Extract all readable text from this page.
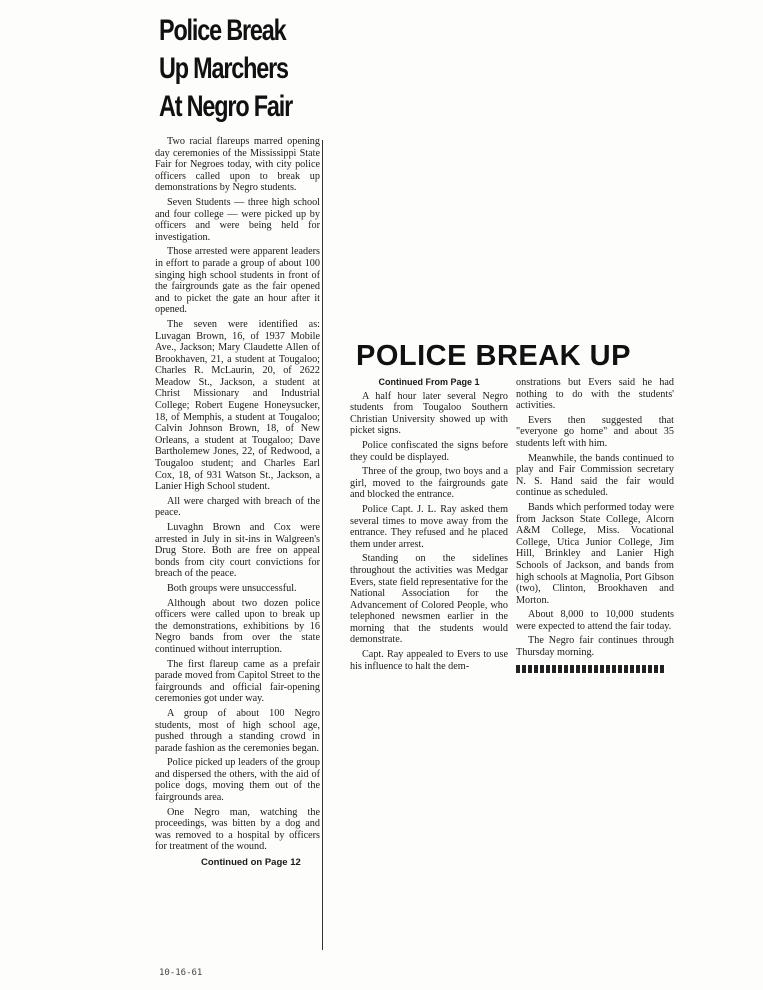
Police Break
Up Marchers
At Negro Fair

Two racial flareups marred opening day ceremonies of the Mississippi State Fair for Negroes today, with city police officers called upon to break up demonstrations by Negro students.

Seven Students — three high school and four college — were picked up by officers and were being held for investigation.

Those arrested were apparent leaders in effort to parade a group of about 100 singing high school students in front of the fairgrounds gate as the fair opened and to picket the gate an hour after it opened.

The seven were identified as: Luvagan Brown, 16, of 1937 Mobile Ave., Jackson; Mary Claudette Allen of Brookhaven, 21, a student at Tougaloo; Charles R. McLaurin, 20, of 2622 Meadow St., Jackson, a student at Christ Missionary and Industrial College; Robert Eugene Honeysucker, 18, of Memphis, a student at Tougaloo; Calvin Johnson Brown, 18, of New Orleans, a student at Tougaloo; Dave Bartholemew Jones, 22, of Redwood, a Tougaloo student; and Charles Earl Cox, 18, of 931 Watson St., Jackson, a Lanier High School student.

All were charged with breach of the peace.

Luvaghn Brown and Cox were arrested in July in sit-ins in Walgreen's Drug Store. Both are free on appeal bonds from city court convictions for breach of the peace.

Both groups were unsuccessful.

Although about two dozen police officers were called upon to break up the demonstrations, exhibitions by 16 Negro bands from over the state continued without interruption.

The first flareup came as a prefair parade moved from Capitol Street to the fairgrounds and official fair-opening ceremonies got under way.

A group of about 100 Negro students, most of high school age, pushed through a standing crowd in parade fashion as the ceremonies began.

Police picked up leaders of the group and dispersed the others, with the aid of police dogs, moving them out of the fairgrounds area.

One Negro man, watching the proceedings, was bitten by a dog and was removed to a hospital by officers for treatment of the wound.

Continued on Page 12
10-16-61
POLICE BREAK UP
Continued From Page 1

A half hour later several Negro students from Tougaloo Southern Christian University showed up with picket signs.

Police confiscated the signs before they could be displayed.

Three of the group, two boys and a girl, moved to the fairgrounds gate and blocked the entrance.

Police Capt. J. L. Ray asked them several times to move away from the entrance. They refused and he placed them under arrest.

Standing on the sidelines throughout the activities was Medgar Evers, state field representative for the National Association for the Advancement of Colored People, who telephoned newsmen earlier in the morning that the students would demonstrate.

Capt. Ray appealed to Evers to use his influence to halt the dem-

onstrations but Evers said he had nothing to do with the students' activities.

Evers then suggested that "everyone go home" and about 35 students left with him.

Meanwhile, the bands continued to play and Fair Commission secretary N. S. Hand said the fair would continue as scheduled.

Bands which performed today were from Jackson State College, Alcorn A&M College, Miss. Vocational College, Utica Junior College, Jim Hill, Brinkley and Lanier High Schools of Jackson, and bands from high schools at Magnolia, Port Gibson (two), Clinton, Brookhaven and Morton.

About 8,000 to 10,000 students were expected to attend the fair today.

The Negro fair continues through Thursday morning.
